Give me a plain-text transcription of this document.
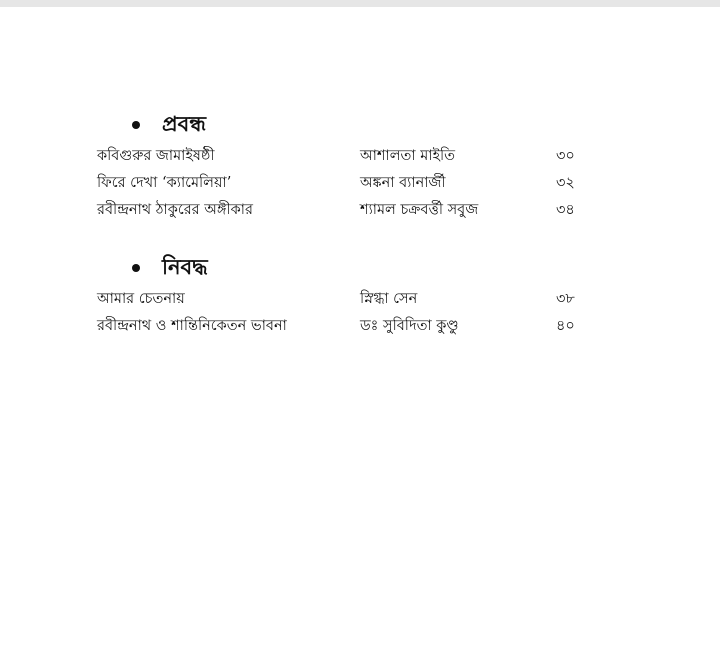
প্রবন্ধ
কবিগুরুর জামাইষষ্ঠী	আশালতা মাইতি	৩০
ফিরে দেখা ‘ক্যামেলিয়া’	অঙ্কনা ব্যানার্জী	৩২
রবীন্দ্রনাথ ঠাকুরের অঙ্গীকার	শ্যামল চক্রবর্ত্তী সবুজ	৩৪
নিবদ্ধ
আমার চেতনায়	স্নিগ্ধা সেন	৩৮
রবীন্দ্রনাথ ও শান্তিনিকেতন ভাবনা	ডঃ সুবিদিতা কুণ্ডু	৪০
